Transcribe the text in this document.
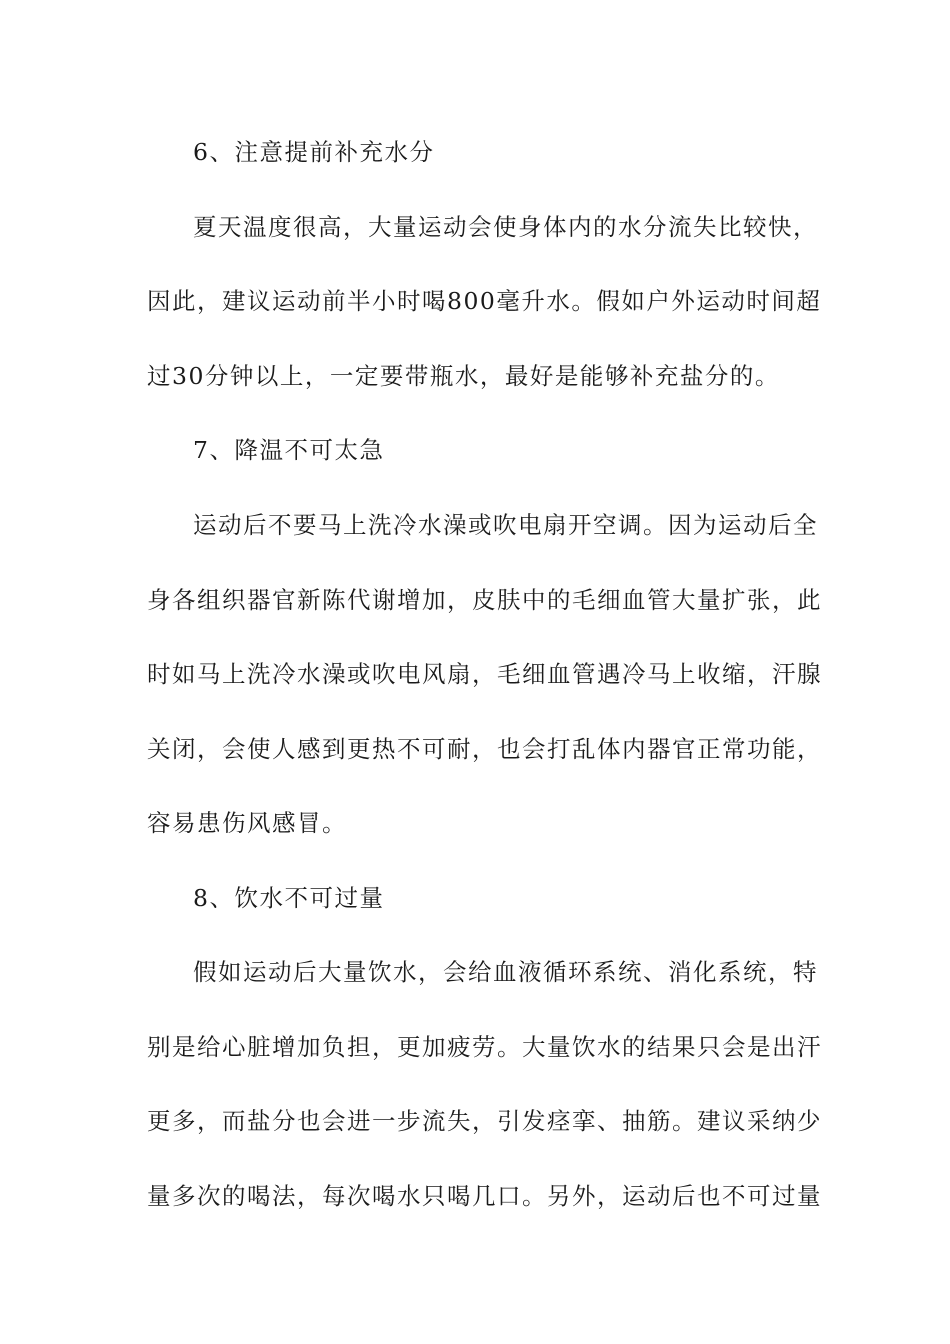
6、注意提前补充水分
夏天温度很高，大量运动会使身体内的水分流失比较快，
因此，建议运动前半小时喝800毫升水。假如户外运动时间超
过30分钟以上，一定要带瓶水，最好是能够补充盐分的。
7、降温不可太急
运动后不要马上洗冷水澡或吹电扇开空调。因为运动后全
身各组织器官新陈代谢增加，皮肤中的毛细血管大量扩张，此
时如马上洗冷水澡或吹电风扇，毛细血管遇冷马上收缩，汗腺
关闭，会使人感到更热不可耐，也会打乱体内器官正常功能，
容易患伤风感冒。
8、饮水不可过量
假如运动后大量饮水，会给血液循环系统、消化系统，特
别是给心脏增加负担，更加疲劳。大量饮水的结果只会是出汗
更多，而盐分也会进一步流失，引发痉挛、抽筋。建议采纳少
量多次的喝法，每次喝水只喝几口。另外，运动后也不可过量
